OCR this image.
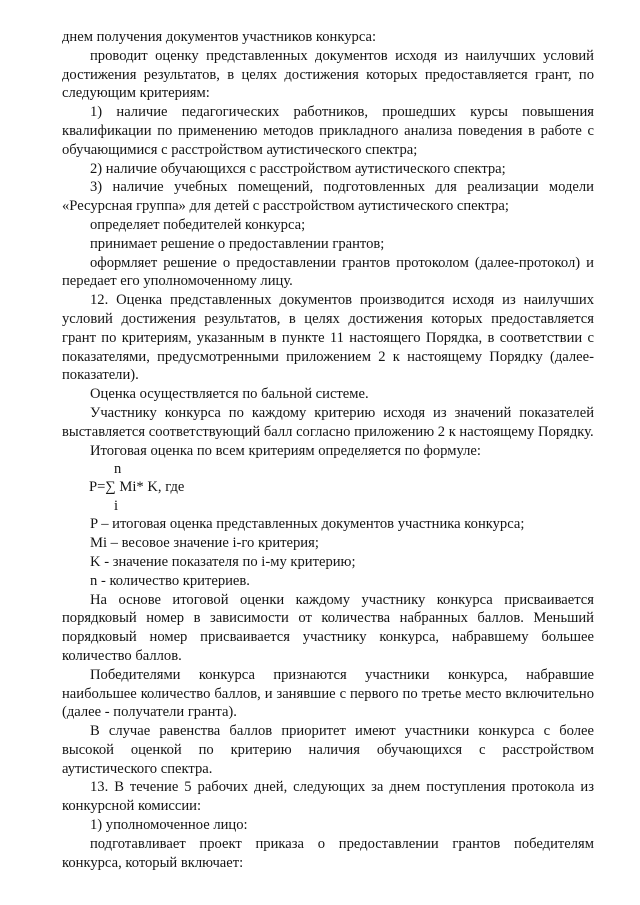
днем получения документов участников конкурса:

проводит оценку представленных документов исходя из наилучших условий достижения результатов, в целях достижения которых предоставляется грант, по следующим критериям:

1) наличие педагогических работников, прошедших курсы повышения квалификации по применению методов прикладного анализа поведения в работе с обучающимися с расстройством аутистического спектра;

2) наличие обучающихся с расстройством аутистического спектра;

3) наличие учебных помещений, подготовленных для реализации модели «Ресурсная группа» для детей с расстройством аутистического спектра;

определяет победителей конкурса;

принимает решение о предоставлении грантов;

оформляет решение о предоставлении грантов протоколом (далее-протокол) и передает его уполномоченному лицу.

12. Оценка представленных документов производится исходя из наилучших условий достижения результатов, в целях достижения которых предоставляется грант по критериям, указанным в пункте 11 настоящего Порядка, в соответствии с показателями, предусмотренными приложением 2 к настоящему Порядку (далее-показатели).

Оценка осуществляется по бальной системе.

Участнику конкурса по каждому критерию исходя из значений показателей выставляется соответствующий балл согласно приложению 2 к настоящему Порядку.

Итоговая оценка по всем критериям определяется по формуле:

n
P=∑ Mi* K, где
i

P – итоговая оценка представленных документов участника конкурса;

Mi – весовое значение i-го критерия;

K - значение показателя по i-му критерию;

n - количество критериев.

На основе итоговой оценки каждому участнику конкурса присваивается порядковый номер в зависимости от количества набранных баллов. Меньший порядковый номер присваивается участнику конкурса, набравшему большее количество баллов.

Победителями конкурса признаются участники конкурса, набравшие наибольшее количество баллов, и занявшие с первого по третье место включительно (далее - получатели гранта).

В случае равенства баллов приоритет имеют участники конкурса с более высокой оценкой по критерию наличия обучающихся с расстройством аутистического спектра.

13. В течение 5 рабочих дней, следующих за днем поступления протокола из конкурсной комиссии:

1) уполномоченное лицо:

подготавливает проект приказа о предоставлении грантов победителям конкурса, который включает:
